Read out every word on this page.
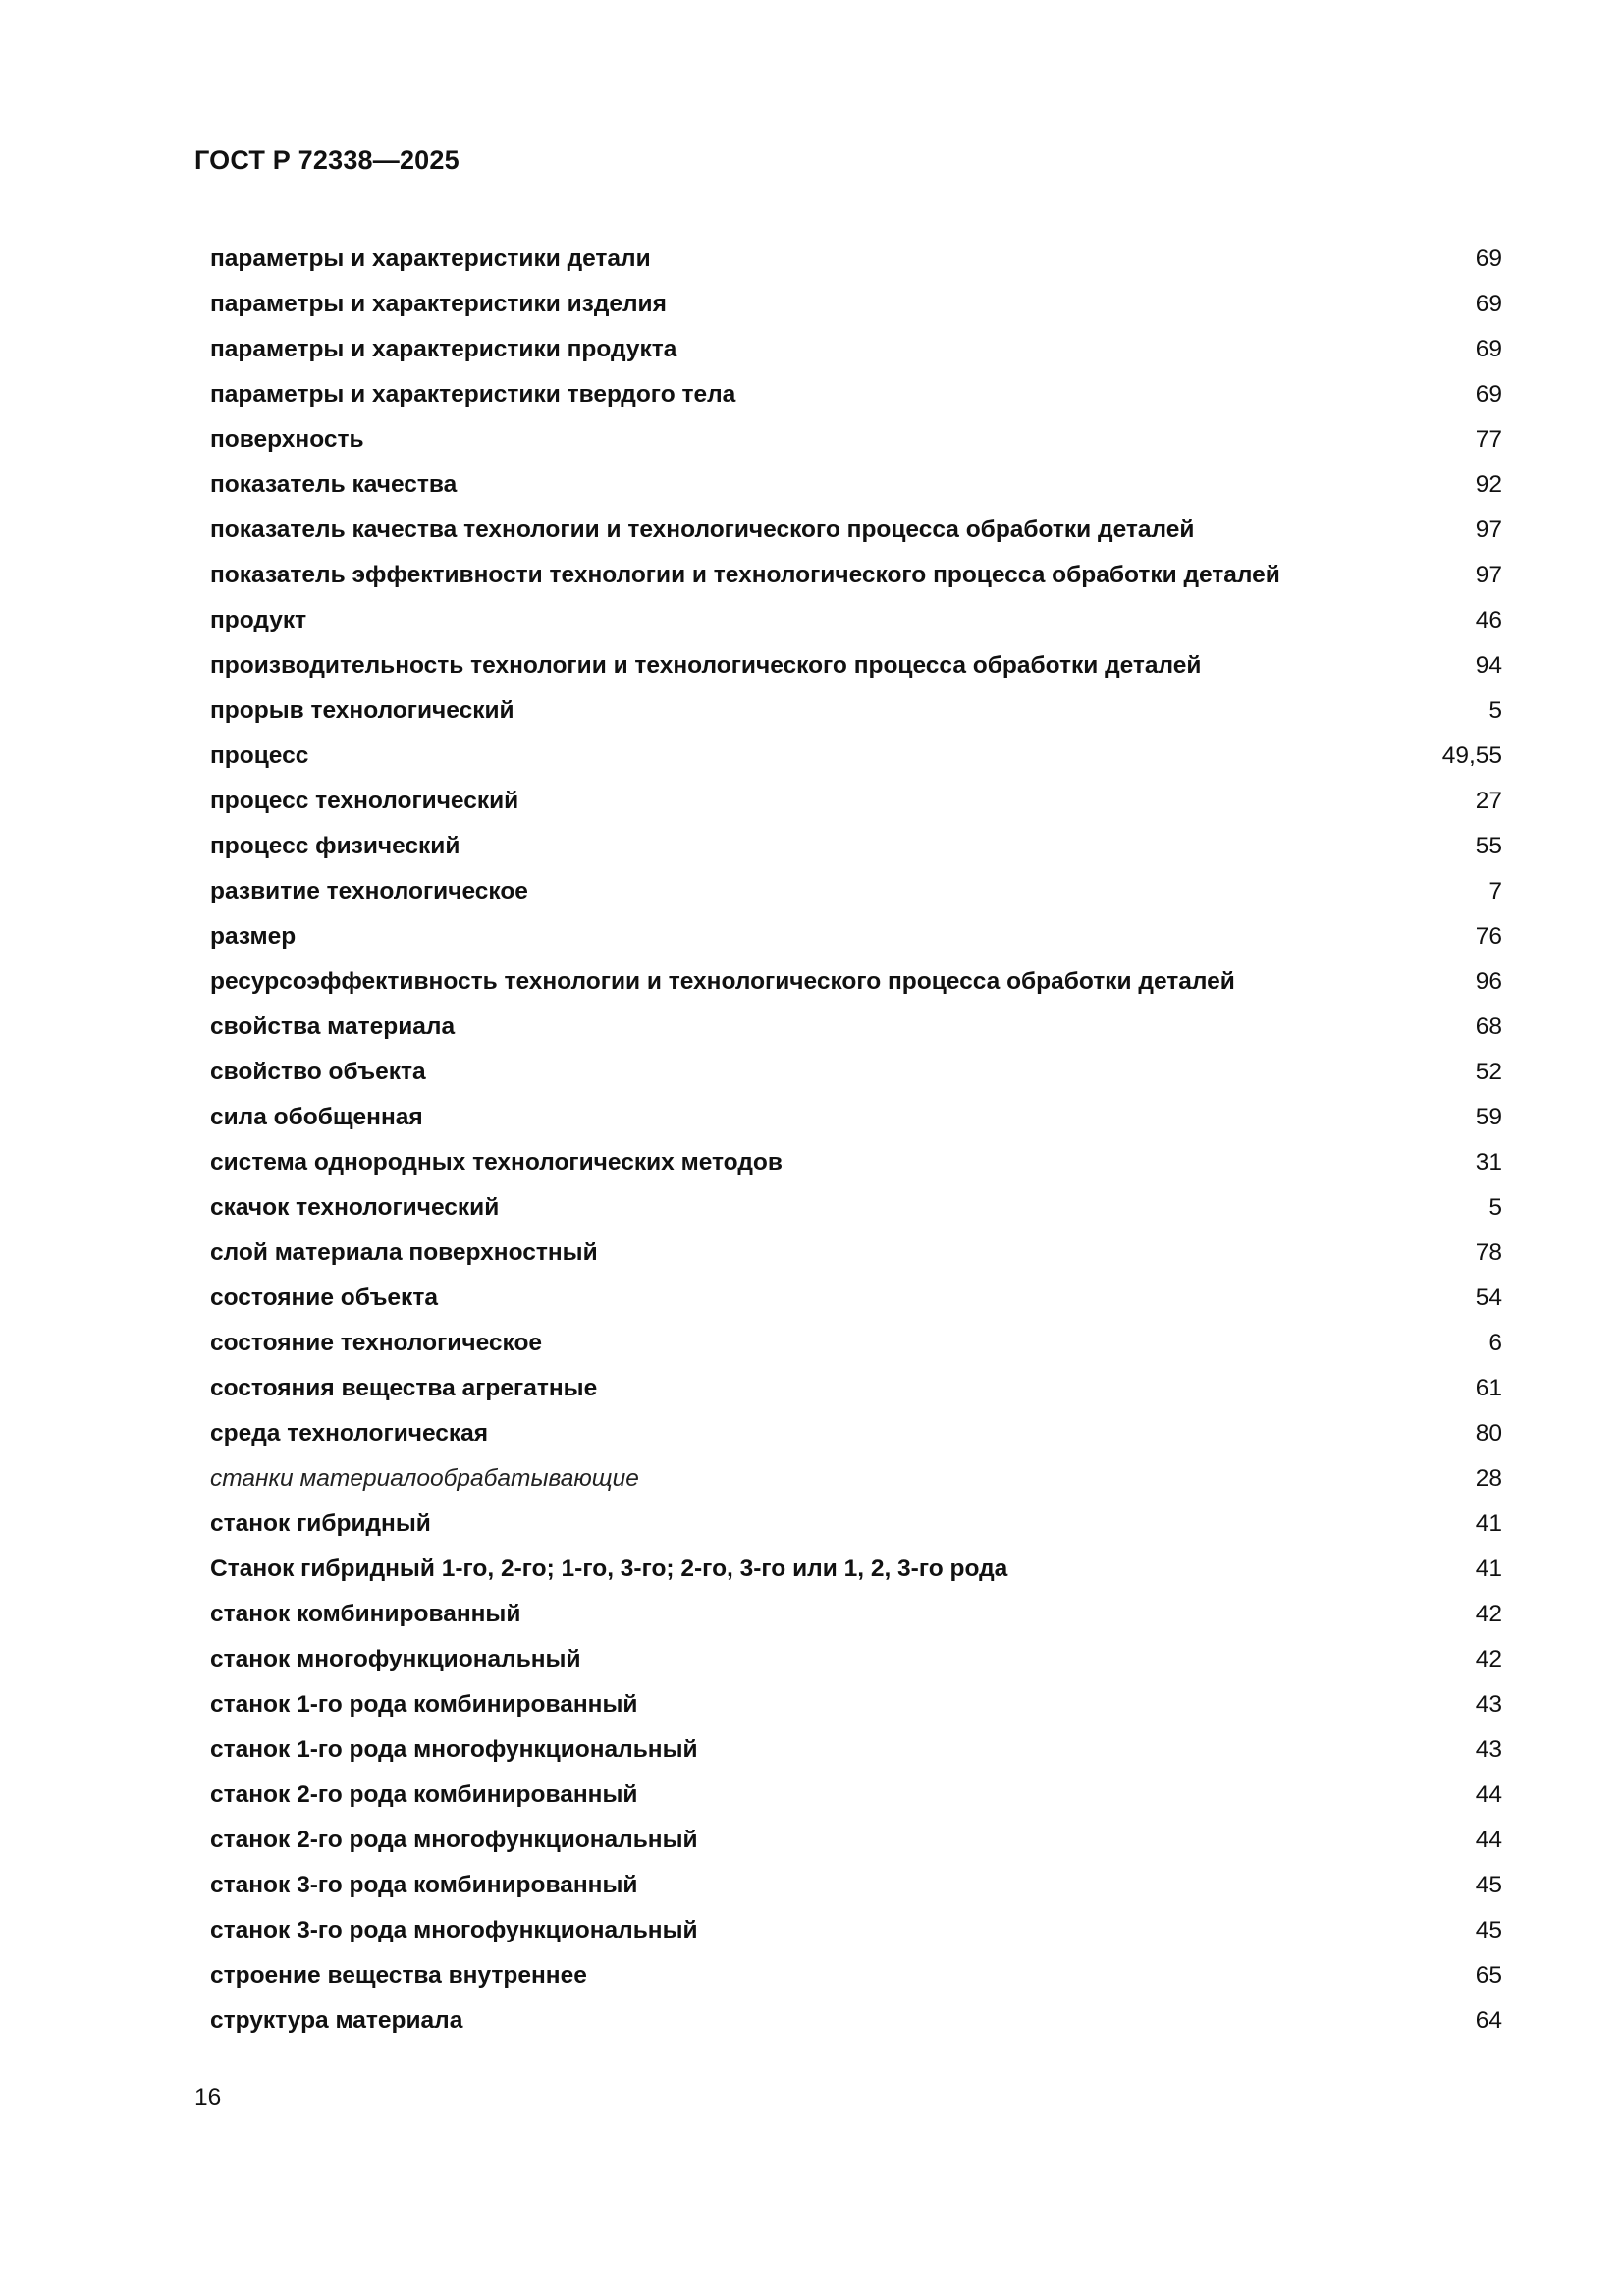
ГОСТ Р 72338—2025
параметры и характеристики детали	69
параметры и характеристики изделия	69
параметры и характеристики продукта	69
параметры и характеристики твердого тела	69
поверхность	77
показатель качества	92
показатель качества технологии и технологического процесса обработки деталей	97
показатель эффективности технологии и технологического процесса обработки деталей	97
продукт	46
производительность технологии и технологического процесса обработки деталей	94
прорыв технологический	5
процесс	49,55
процесс технологический	27
процесс физический	55
развитие технологическое	7
размер	76
ресурсоэффективность технологии и технологического процесса обработки деталей	96
свойства материала	68
свойство объекта	52
сила обобщенная	59
система однородных технологических методов	31
скачок технологический	5
слой материала поверхностный	78
состояние объекта	54
состояние технологическое	6
состояния вещества агрегатные	61
среда технологическая	80
станки материалообрабатывающие	28
станок гибридный	41
Станок гибридный 1-го, 2-го; 1-го, 3-го; 2-го, 3-го или 1, 2, 3-го рода	41
станок комбинированный	42
станок многофункциональный	42
станок 1-го рода комбинированный	43
станок 1-го рода многофункциональный	43
станок 2-го рода комбинированный	44
станок 2-го рода многофункциональный	44
станок 3-го рода комбинированный	45
станок 3-го рода многофункциональный	45
строение вещества внутреннее	65
структура материала	64
16
